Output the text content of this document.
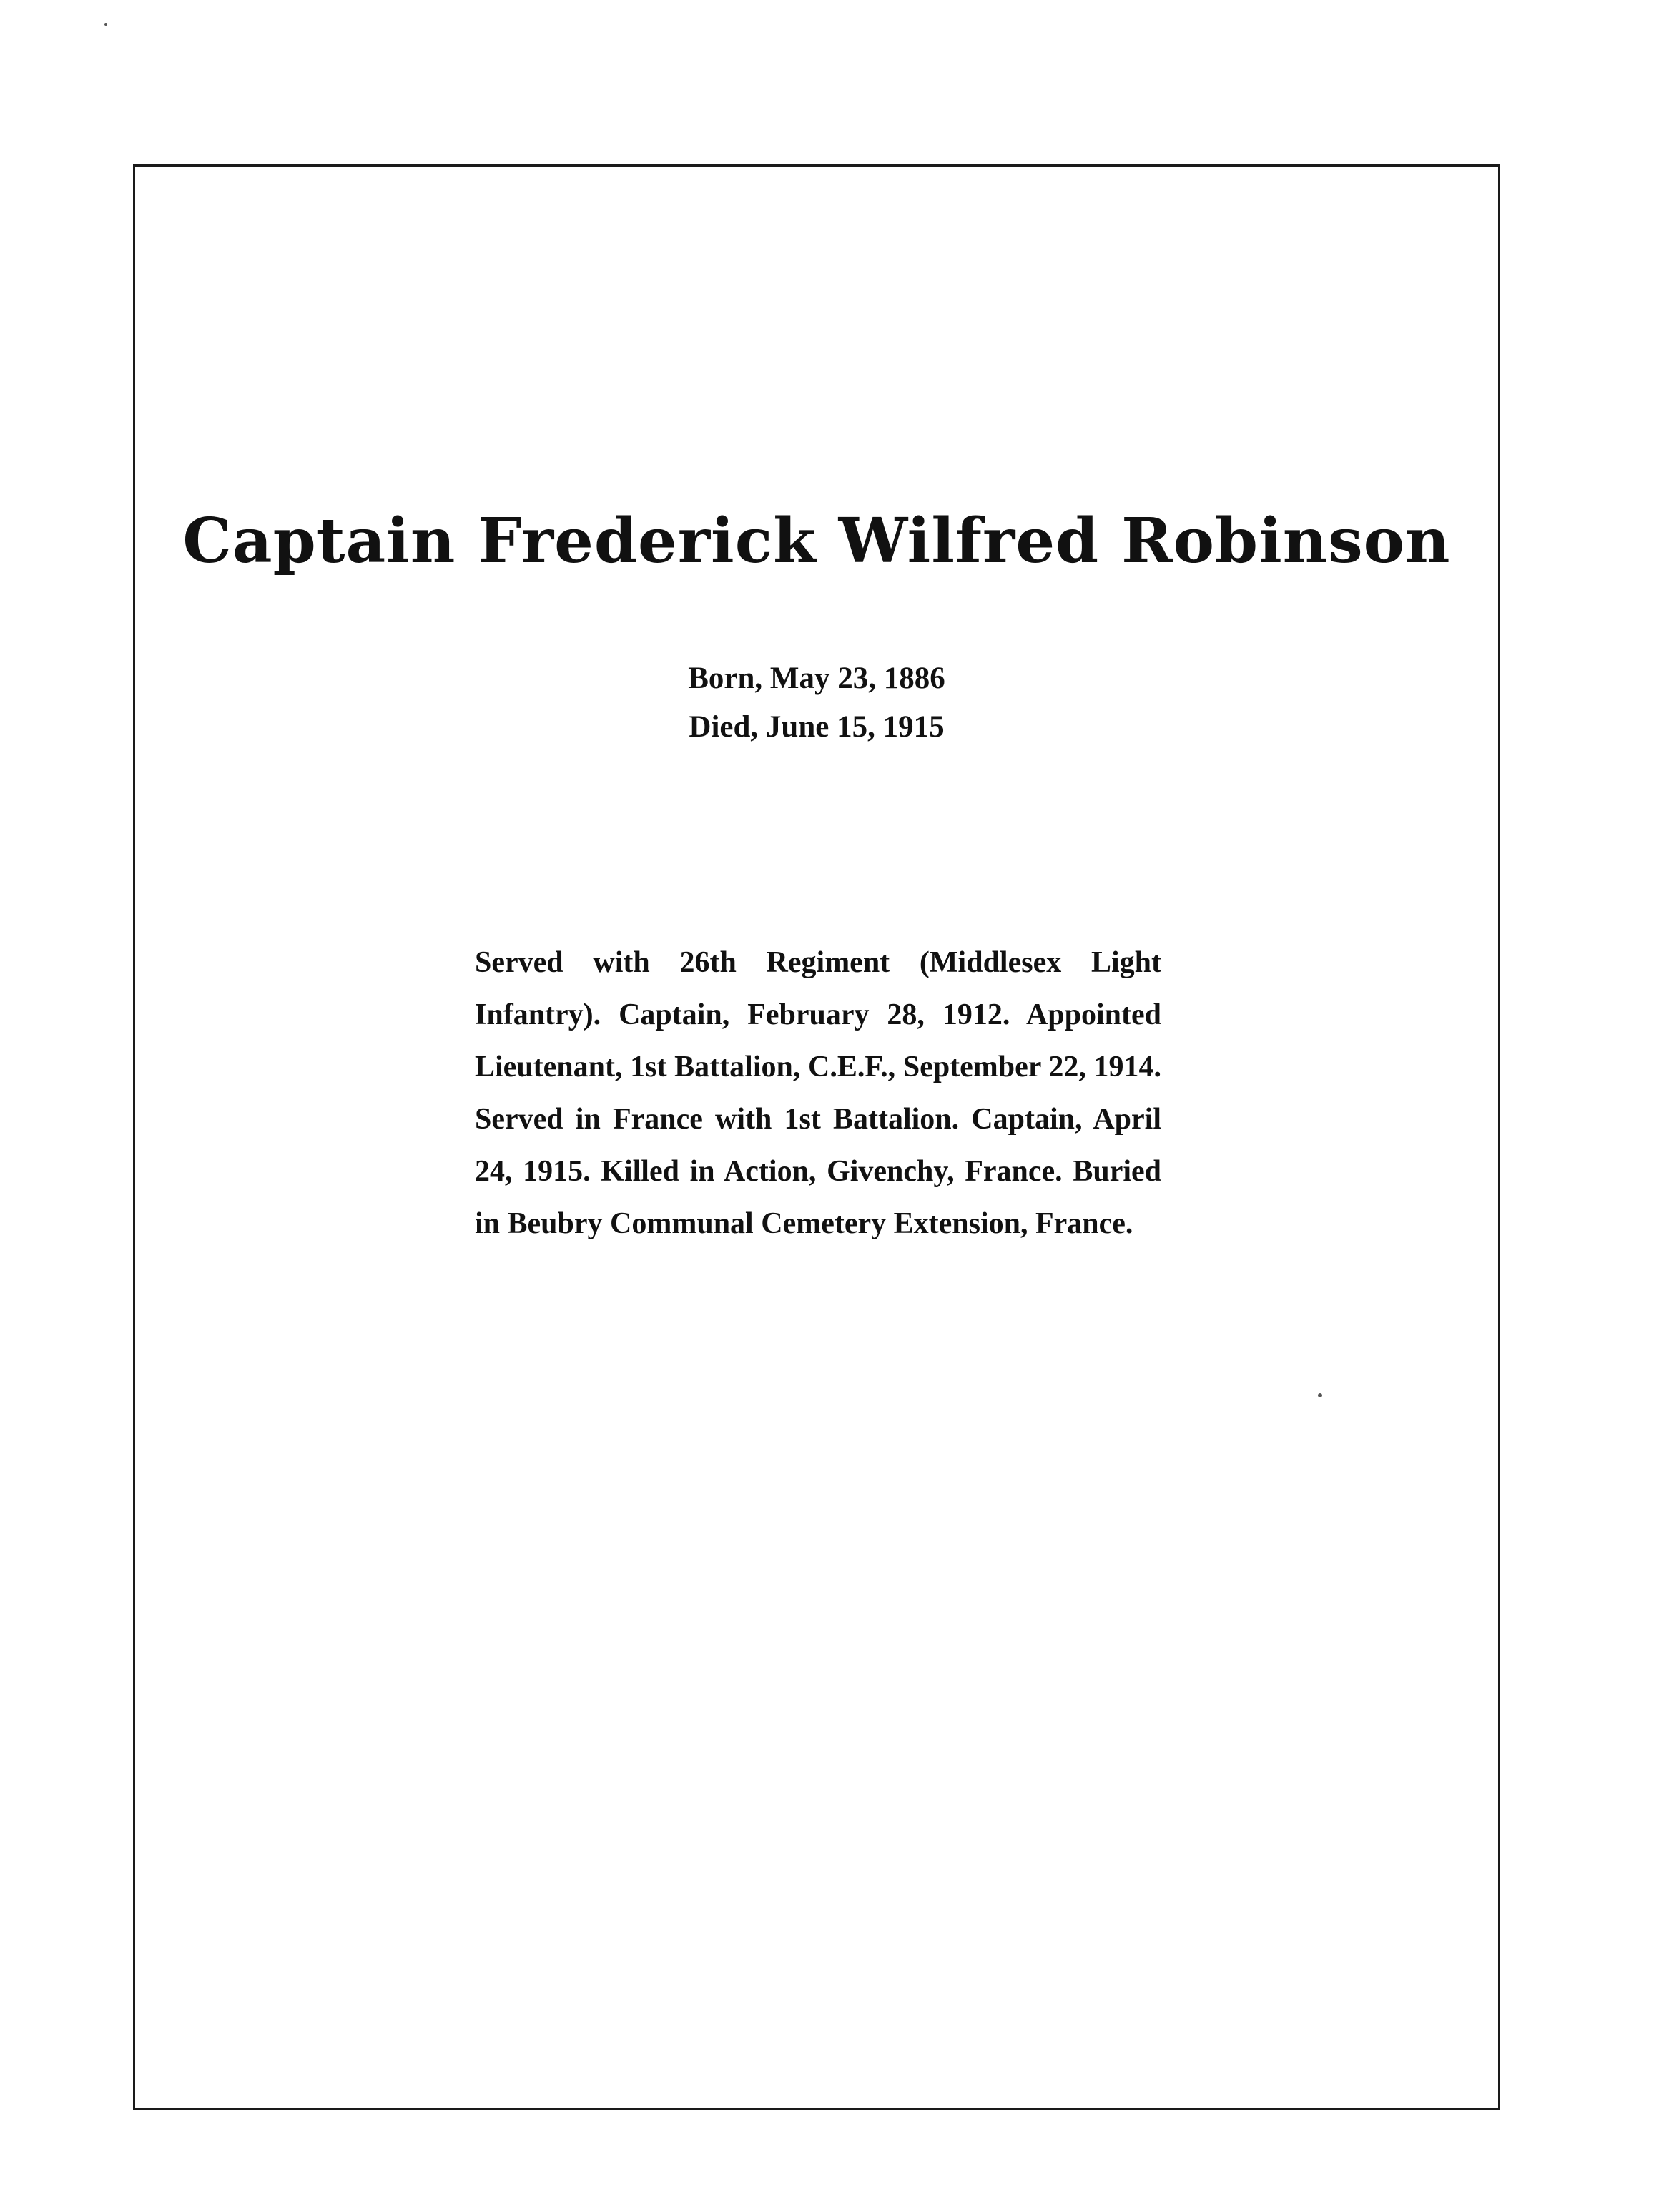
Captain Frederick Wilfred Robinson
Born, May 23, 1886
Died, June 15, 1915
Served with 26th Regiment (Middlesex Light Infantry). Captain, February 28, 1912. Appointed Lieutenant, 1st Battalion, C.E.F., September 22, 1914. Served in France with 1st Battalion. Captain, April 24, 1915. Killed in Action, Givenchy, France. Buried in Beubry Communal Cemetery Extension, France.
